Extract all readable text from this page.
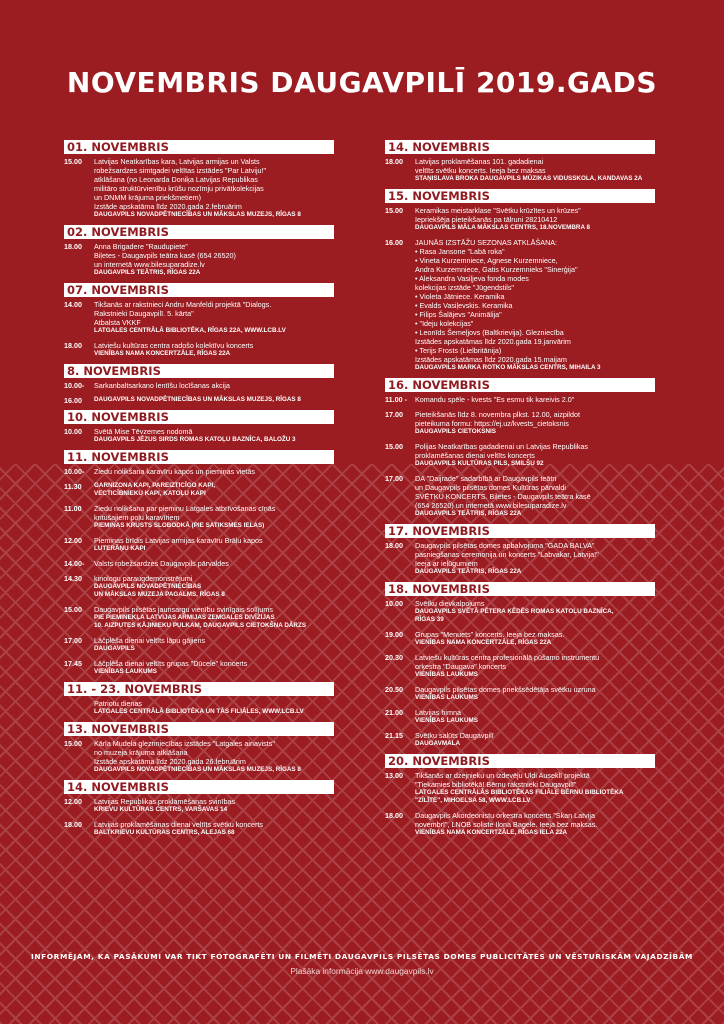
NOVEMBRIS DAUGAVPILĪ 2019.GADS
01. NOVEMBRIS
15.00	Latvijas Neatkarības kara, Latvijas armijas un Valsts
robežsardzes simtgadei veltītas izstādes "Par Latviju!"
atklāšana (no Leonarda Doniķa Latvijas Republikas
militāro struktūrvienību krūšu nozīmju privātkolekcijas
un DNMM krājuma priekšmetiem)
Izstāde apskatāma līdz 2020.gada 2.februārim
DAUGAVPILS NOVADPĒTNIECĪBAS UN MĀKSLAS MUZEJS, RĪGAS 8
02. NOVEMBRIS
18.00	Anna Brigadere "Raudupiete"
Biļetes - Daugavpils teātra kasē (654 26520)
un internetā www.bilesuparadize.lv
DAUGAVPILS TEĀTRIS, RĪGAS 22A
07. NOVEMBRIS
14.00	Tikšanās ar rakstnieci Andru Manfeldi projektā "Dialogs.
Rakstnieki Daugavpilī. 5. kārta"
Atbalsta VKKF
LATGALES CENTRĀLĀ BIBLIOTĒKA, RĪGAS 22A, WWW.LCB.LV
18.00	Latviešu kultūras centra radošo kolektīvu koncerts
VIENĪBAS NAMA KONCERTZĀLE, RĪGAS 22A
8. NOVEMBRIS
10.00-	Sarkanbaltsarkano lentīšu locīšanas akcija
16.00	DAUGAVPILS NOVADPĒTNIECĪBAS UN MĀKSLAS MUZEJS, RĪGAS 8
10. NOVEMBRIS
10.00	Svētā Mise Tēvzemes nodomā
DAUGAVPILS JĒZUS SIRDS ROMAS KATOĻU BAZNĪCA, BALOŽU 3
11. NOVEMBRIS
10.00-	Ziedu nolikšana karavīru kapos un piemiņas vietās
11.30	GARNIZONA KAPI, PAREIZTICĪGO KAPI,
VECTICĪBNIEKU KAPI, KATOĻU KAPI
11.00	Ziedu nolikšana par piemiņu Latgales atbrīvošanas cīņās
kritušajiem poļu karavīriem
PIEMIŅAS KRUSTS SLOBODKĀ (PIE SATIKSMES IELAS)
12.00	Piemiņas brīdis Latvijas armijas karavīru Brāļu kapos
LUTERĀŅU KAPI
14.00-	Valsts robežsardzes Daugavpils pārvaldes
14.30	kinologu paraugdemonstrējumi
DAUGAVPILS NOVADPĒTNIECĪBAS
UN MĀKSLAS MUZEJA PAGALMS, RĪGAS 8
15.00	Daugavpils pilsētas jaunsargu vienību svinīgais solījums
PIE PIEMINEKĻA LATVIJAS ARMIJAS ZEMGALES DIVĪZIJAS
10. AIZPUTES KĀJINIEKU PULKAM, DAUGAVPILS CIETOKŠŅA DĀRZS
17.00	Lāčplēša dienai veltīts lāpu gājiens
DAUGAVPILS
17.45	Lāčplēša dienai veltīts grupas "Dūcele" koncerts
VIENĪBAS LAUKUMS
11. - 23. NOVEMBRIS
Patriotu dienas
LATGALES CENTRĀLĀ BIBLIOTĒKA UN TĀS FILIĀLES, WWW.LCB.LV
13. NOVEMBRIS
15.00	Kārļa Mudela gleznniecības izstādes "Latgales ainavists"
no muzeja krājuma atklāšana
Izstāde apskatāma līdz 2020.gada 26.februārim
DAUGAVPILS NOVADPĒTNIECĪBAS UN MĀKSLAS MUZEJS, RĪGAS 8
14. NOVEMBRIS
12.00	Latvijas Republikas proklamēšanas svinības
KRIEVU KULTŪRAS CENTRS, VARŠAVAS 14
18.00	Latvijas proklamēšanas dienai veltīts svētku koncerts
BALTKRIEVU KULTŪRAS CENTRS, ALEJAS 68
14. NOVEMBRIS
18.00	Latvijas proklamēšanas 101. gadadienai
veltīts svētku koncerts. Ieeja bez maksas
STAŅISLAVA BROKA DAUGAVPILS MŪZIKAS VIDUSSKOLA, KANDAVAS 2A
15. NOVEMBRIS
15.00	Keramikas meistarklase "Svētku krūzītes un krūzes"
Iepriekšēja pieteikšanās pa tālruni 28210412
DAUGAVPILS MĀLA MĀKSLAS CENTRS, 18.NOVEMBRA 8
16.00	JAUNĀS IZSTĀŽU SEZONAS ATKLĀŠANA:
• Rasa Jansone "Labā roka"
• Vineta Kurzemniece, Agnese Kurzemniece,
Andra Kurzemniece, Gatis Kurzemnieks "Sinerģija"
• Aleksandra Vasiļjeva fonda modes
kolekcijas izstāde "Jūgendstils"
• Violeta Jātniece. Keramika
• Evalds Vasiļevskis. Keramika
• Filips Šalājevs "Animālija"
• "Ideju kolekcijas"
• Leonīds Šemeļjovs (Baltkrievija). Glezniecība
Izstādes apskatāmas līdz 2020.gada 19.janvārim
• Terijs Frosts (Lielbritānija)
Izstādes apskatāmas līdz 2020.gada 15.maijam
DAUGAVPILS MARKA ROTKO MĀKSLAS CENTRS, MIHAILA 3
16. NOVEMBRIS
11.00 -	Komandu spēle - kvests "Es esmu tik kareivis 2.0"
17.00	Pieteikšanās līdz 8. novembra plkst. 12.00, aizpildot
pieteikuma formu: https://ej.uz/kvests_cietoksnis
DAUGAVPILS CIETOKSNIS
15.00	Polijas Neatkarības gadadienai un Latvijas Republikas
proklamēšanas dienai veltīts koncerts
DAUGAVPILS KULTŪRAS PILS, SMILŠU 92
17.00	DA "Daijrade" sadarbībā ar Daugavpils teātri
un Daugavpils pilsētas domes Kultūras pārvaldi
SVĒTKU KONCERTS. Biļetes - Daugavpils teātra kasē
(654 26520) un internetā www.bilesuparadize.lv
DAUGAVPILS TEĀTRIS, RĪGAS 22A
17. NOVEMBRIS
18.00	Daugavpils pilsētas domes apbalvojuma "GADA BALVA"
pasniegšanas ceremonija un koncerts "Labvakar, Latvija!"
Ieeja ar ielūgumiem
DAUGAVPILS TEĀTRIS, RĪGAS 22A
18. NOVEMBRIS
10.00	Svētku dievkalpojums
DAUGAVPILS SVĒTĀ PĒTERA ĶĒDĒS ROMAS KATOĻU BAZNĪCA,
RĪGAS 39
19.00	Grupas "Menuets" koncerts. Ieeja bez maksas.
VIENĪBAS NAMA KONCERTZĀLE, RĪGAS 22A
20.30	Latviešu kultūras centra profesionālā pūšamo instrumentu
orķestra "Daugava" koncerts
VIENĪBAS LAUKUMS
20.50	Daugavpils pilsētas domes priekšsēdētāja svētku uzruna
VIENĪBAS LAUKUMS
21.00	Latvijas himna
VIENĪBAS LAUKUMS
21.15	Svētku salūts Daugavpilī
DAUGAVMALA
20. NOVEMBRIS
13.00	Tikšanās ar dzejnieku un izdevēju Uldi Auseklī projektā
"Tiekamies bibliotēkā! Bērnu rakstnieki Daugavpilī"
LATGALES CENTRĀLĀS BIBLIOTĒKAS FILIĀLE BĒRNU BIBLIOTĒKA
"ZĪLĪTE", MIHOELSA 58, WWW.LCB.LV
18.00	Daugavpils Akordeonistu orķestra koncerts "Skan Latvija
novembrī", LNOB soliste Ilona Bagele. Ieeja bez maksas.
VIENĪBAS NAMA KONCERTZĀLE, RĪGAS IELA 22A
INFORMĒJAM, KA PASĀKUMI VAR TIKT FOTOGRAFĒTI UN FILMĒTI DAUGAVPILS PILSĒTAS DOMES PUBLICITĀTES UN VĒSTURISKĀM VAJADZĪBĀM
Plašāka informācija www.daugavpils.lv
